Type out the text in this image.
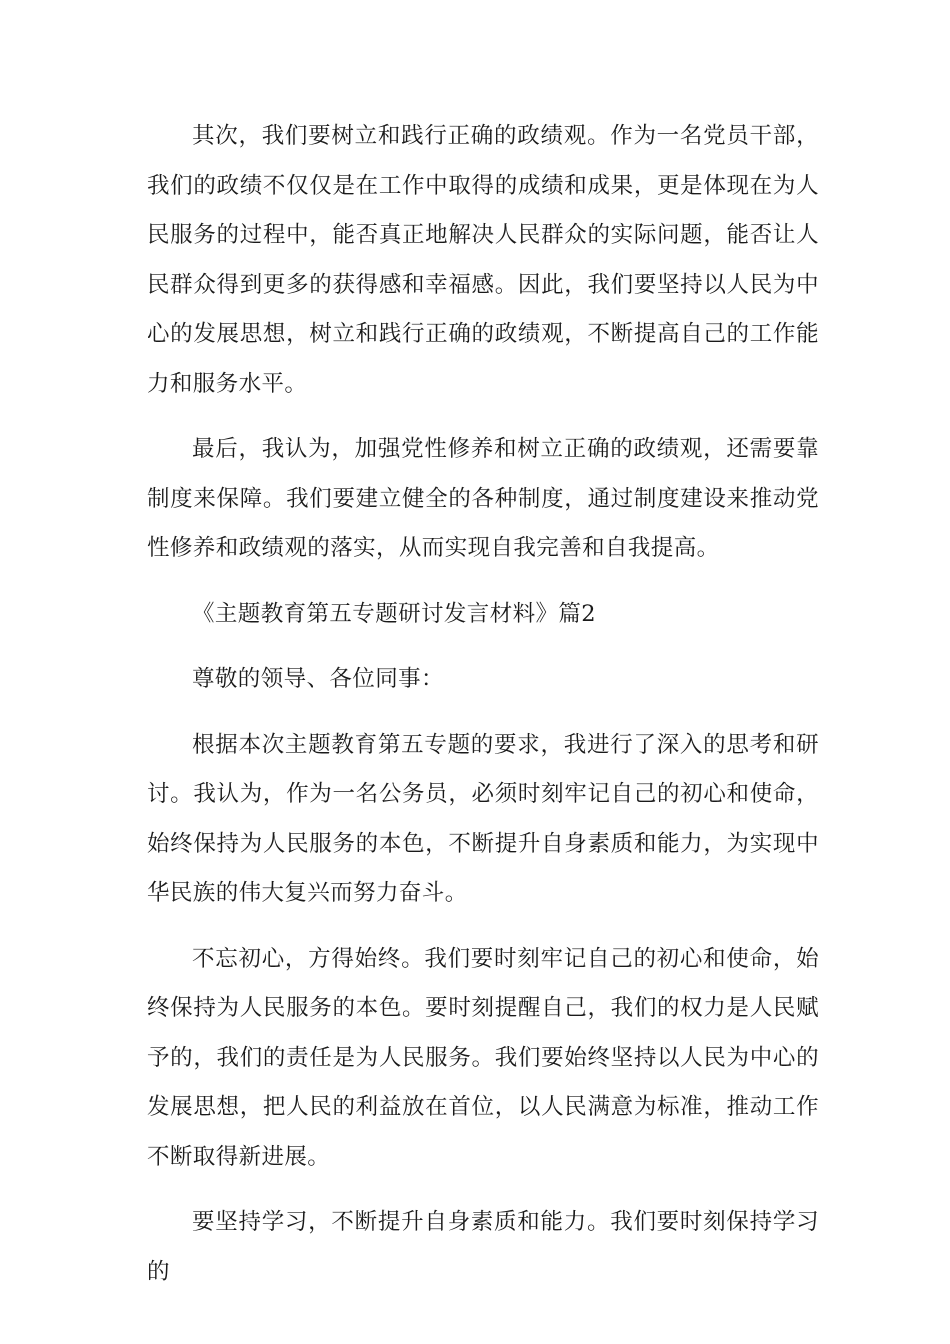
其次，我们要树立和践行正确的政绩观。作为一名党员干部，我们的政绩不仅仅是在工作中取得的成绩和成果，更是体现在为人民服务的过程中，能否真正地解决人民群众的实际问题，能否让人民群众得到更多的获得感和幸福感。因此，我们要坚持以人民为中心的发展思想，树立和践行正确的政绩观，不断提高自己的工作能力和服务水平。

最后，我认为，加强党性修养和树立正确的政绩观，还需要靠制度来保障。我们要建立健全的各种制度，通过制度建设来推动党性修养和政绩观的落实，从而实现自我完善和自我提高。

《主题教育第五专题研讨发言材料》篇2

尊敬的领导、各位同事：

根据本次主题教育第五专题的要求，我进行了深入的思考和研讨。我认为，作为一名公务员，必须时刻牢记自己的初心和使命，始终保持为人民服务的本色，不断提升自身素质和能力，为实现中华民族的伟大复兴而努力奋斗。

不忘初心，方得始终。我们要时刻牢记自己的初心和使命，始终保持为人民服务的本色。要时刻提醒自己，我们的权力是人民赋予的，我们的责任是为人民服务。我们要始终坚持以人民为中心的发展思想，把人民的利益放在首位，以人民满意为标准，推动工作不断取得新进展。

要坚持学习，不断提升自身素质和能力。我们要时刻保持学习的
